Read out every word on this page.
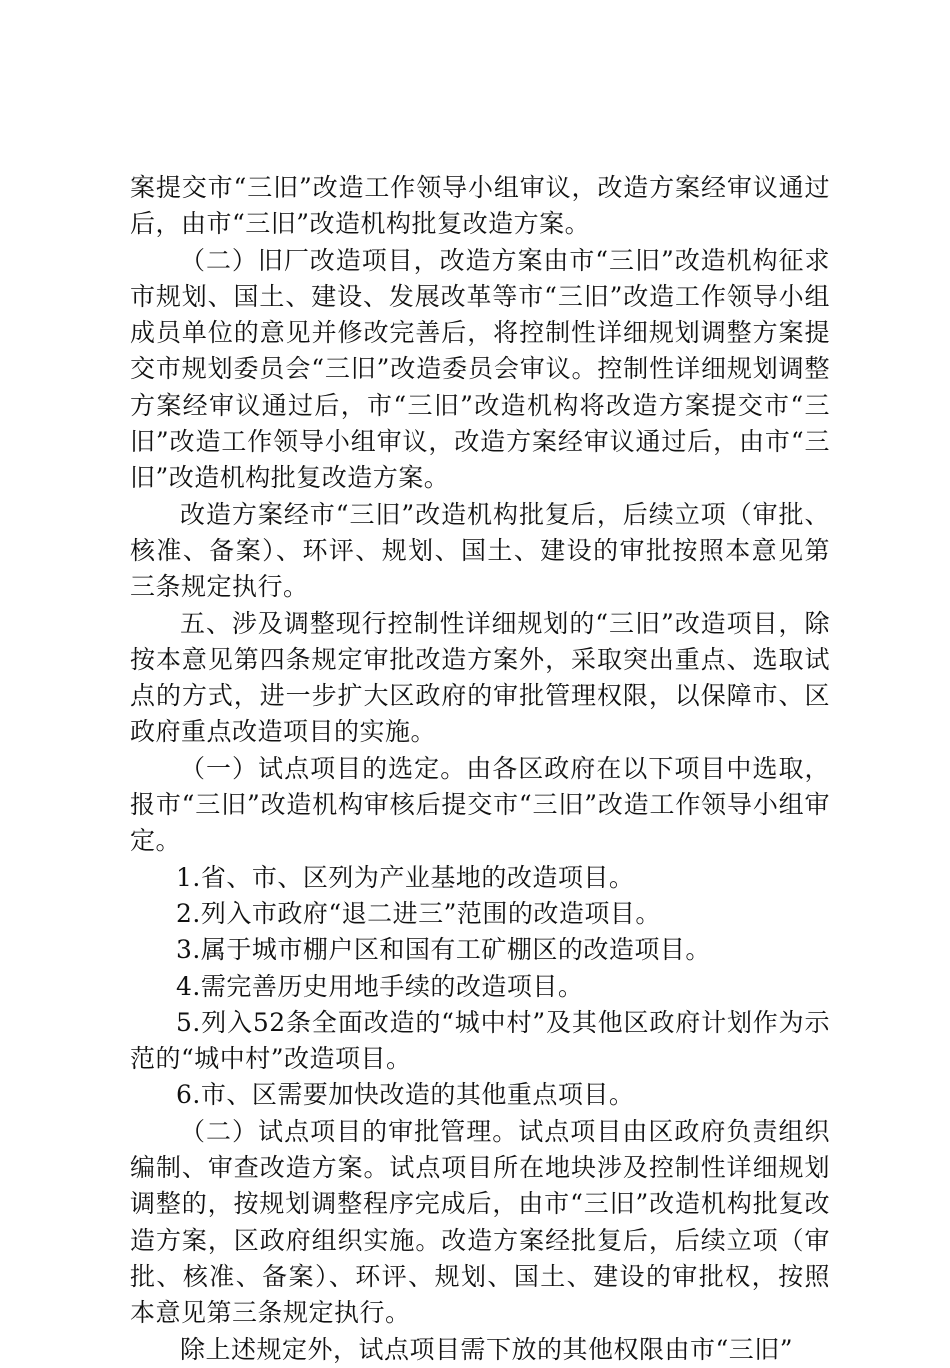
案提交市“三旧”改造工作领导小组审议，改造方案经审议通过后，由市“三旧”改造机构批复改造方案。

（二）旧厂改造项目，改造方案由市“三旧”改造机构征求市规划、国土、建设、发展改革等市“三旧”改造工作领导小组成员单位的意见并修改完善后，将控制性详细规划调整方案提交市规划委员会“三旧”改造委员会审议。控制性详细规划调整方案经审议通过后，市“三旧”改造机构将改造方案提交市“三旧”改造工作领导小组审议，改造方案经审议通过后，由市“三旧”改造机构批复改造方案。

改造方案经市“三旧”改造机构批复后，后续立项（审批、核准、备案）、环评、规划、国土、建设的审批按照本意见第三条规定执行。

五、涉及调整现行控制性详细规划的“三旧”改造项目，除按本意见第四条规定审批改造方案外，采取突出重点、选取试点的方式，进一步扩大区政府的审批管理权限，以保障市、区政府重点改造项目的实施。

（一）试点项目的选定。由各区政府在以下项目中选取，报市“三旧”改造机构审核后提交市“三旧”改造工作领导小组审定。

1.省、市、区列为产业基地的改造项目。

2.列入市政府“退二进三”范围的改造项目。

3.属于城市棚户区和国有工矿棚区的改造项目。

4.需完善历史用地手续的改造项目。

5.列入52条全面改造的“城中村”及其他区政府计划作为示范的“城中村”改造项目。

6.市、区需要加快改造的其他重点项目。

（二）试点项目的审批管理。试点项目由区政府负责组织编制、审查改造方案。试点项目所在地块涉及控制性详细规划调整的，按规划调整程序完成后，由市“三旧”改造机构批复改造方案，区政府组织实施。改造方案经批复后，后续立项（审批、核准、备案）、环评、规划、国土、建设的审批权，按照本意见第三条规定执行。

除上述规定外，试点项目需下放的其他权限由市“三旧”
